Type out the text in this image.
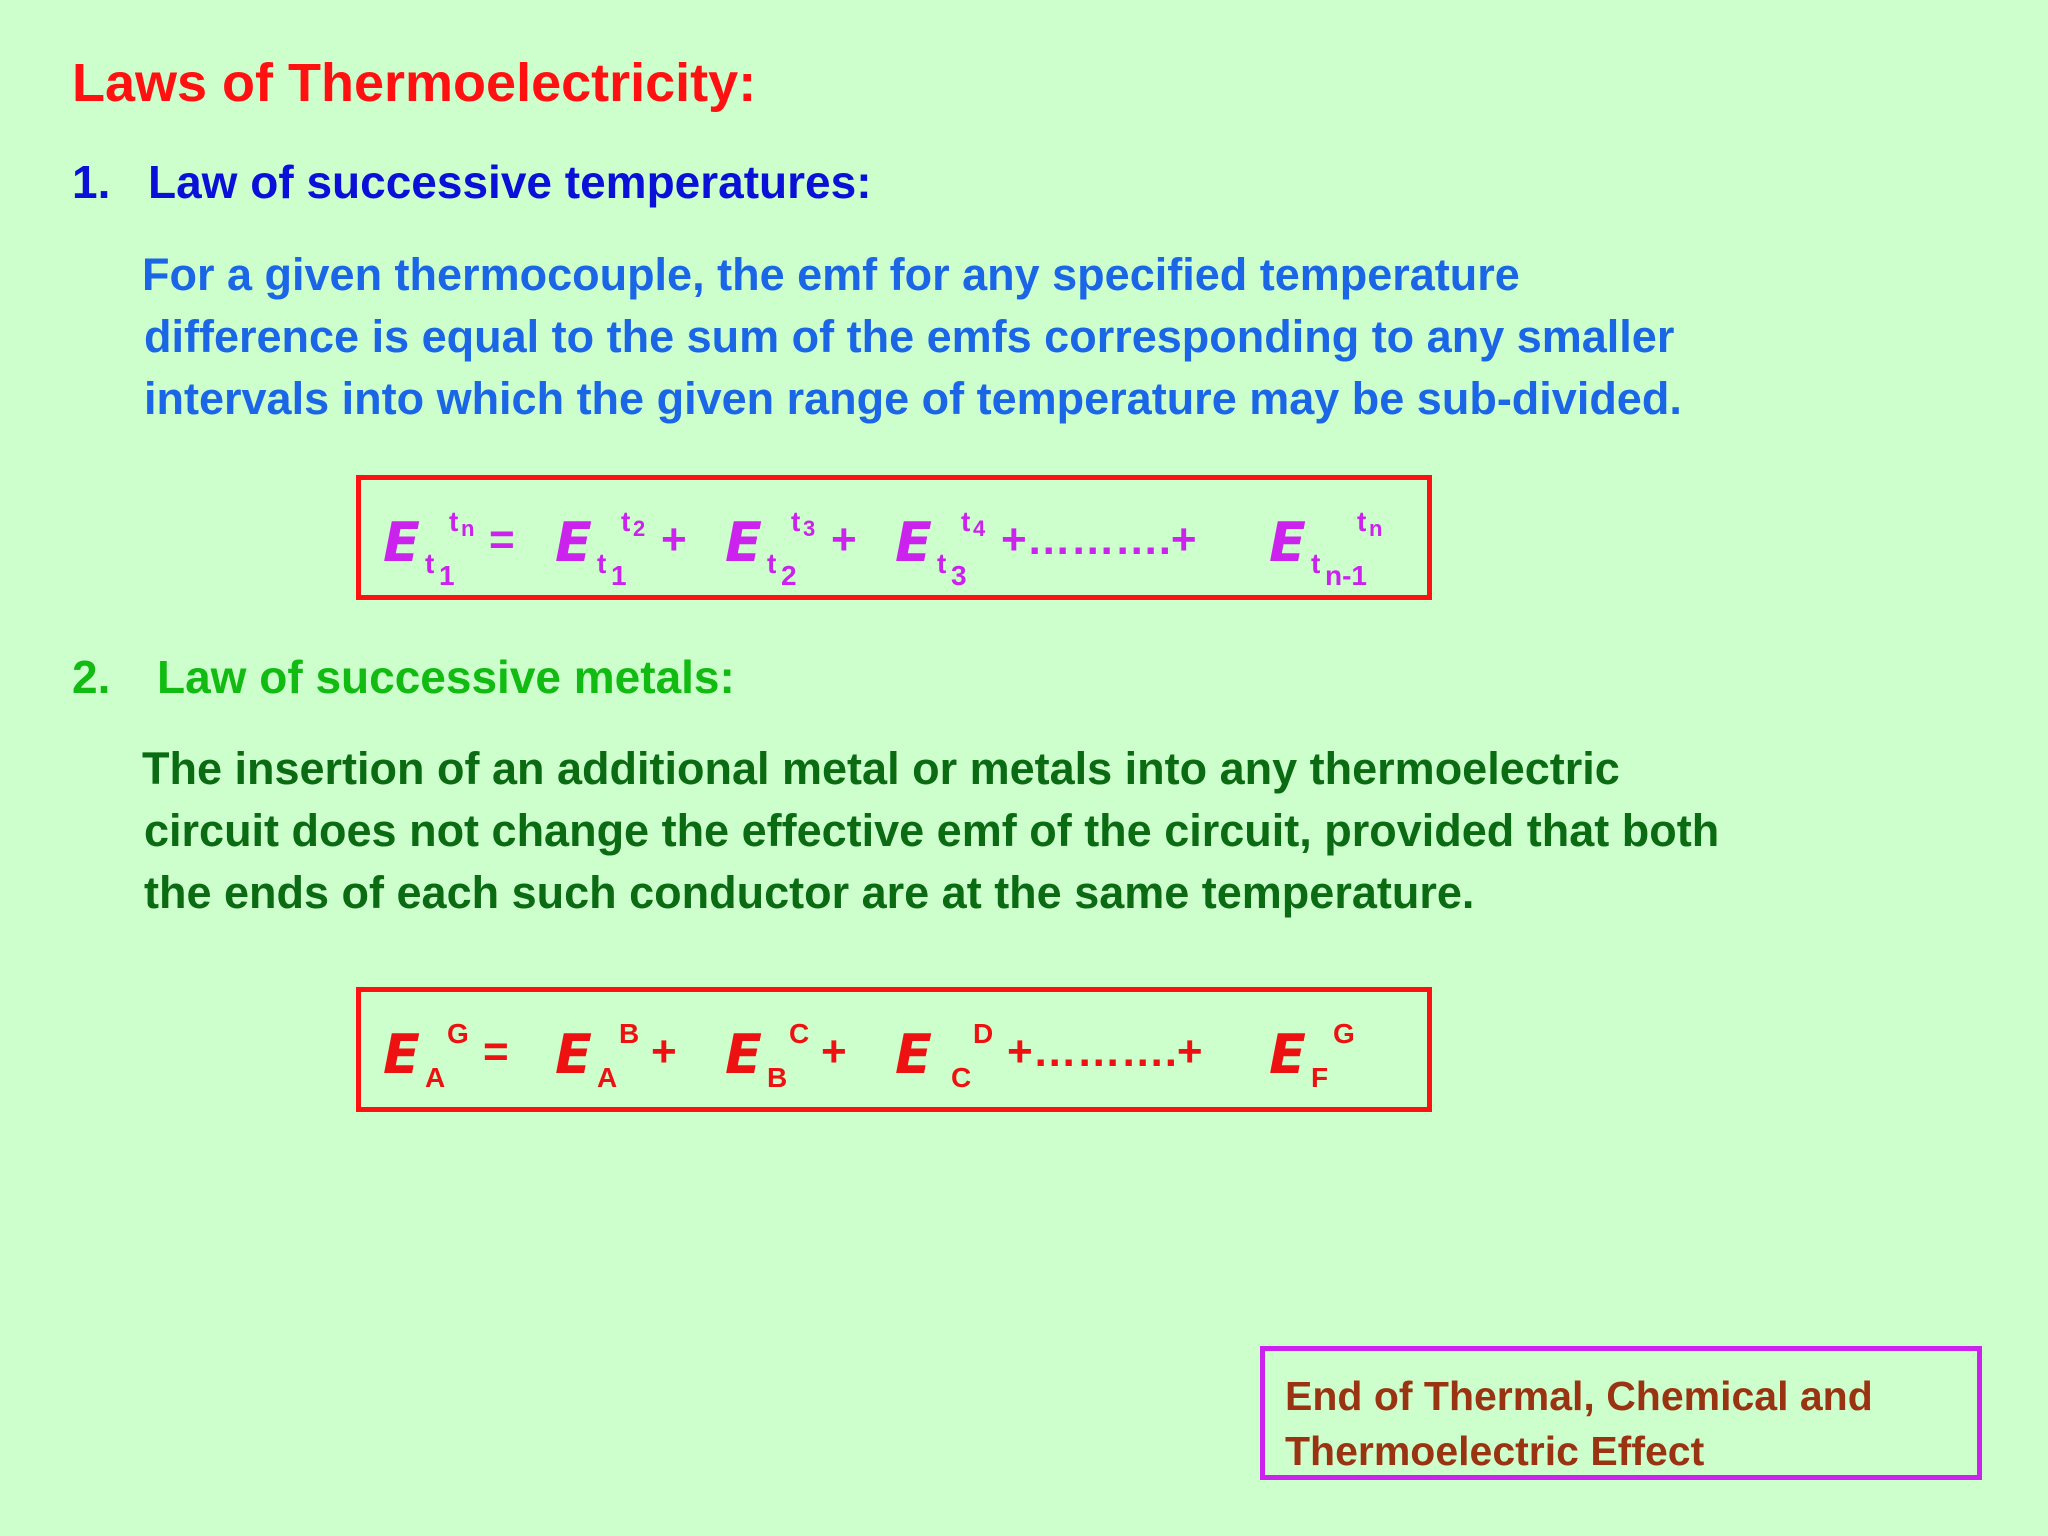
Laws of Thermoelectricity:
1. Law of successive temperatures:
For a given thermocouple, the emf for any specified temperature
difference is equal to the sum of the emfs corresponding to any smaller
intervals into which the given range of temperature may be sub-divided.
E t 1
t n = E t 1
t 2 + E t 2
t 3 + E t 3
t 4 +……….+ E t n-1
t n
2. Law of successive metals:
The insertion of an additional metal or metals into any thermoelectric
circuit does not change the effective emf of the circuit, provided that both
the ends of each such conductor are at the same temperature.
E A
G = E A
B + E B
C + E C
D +……….+ E F
G
End of Thermal, Chemical and
Thermoelectric Effect
